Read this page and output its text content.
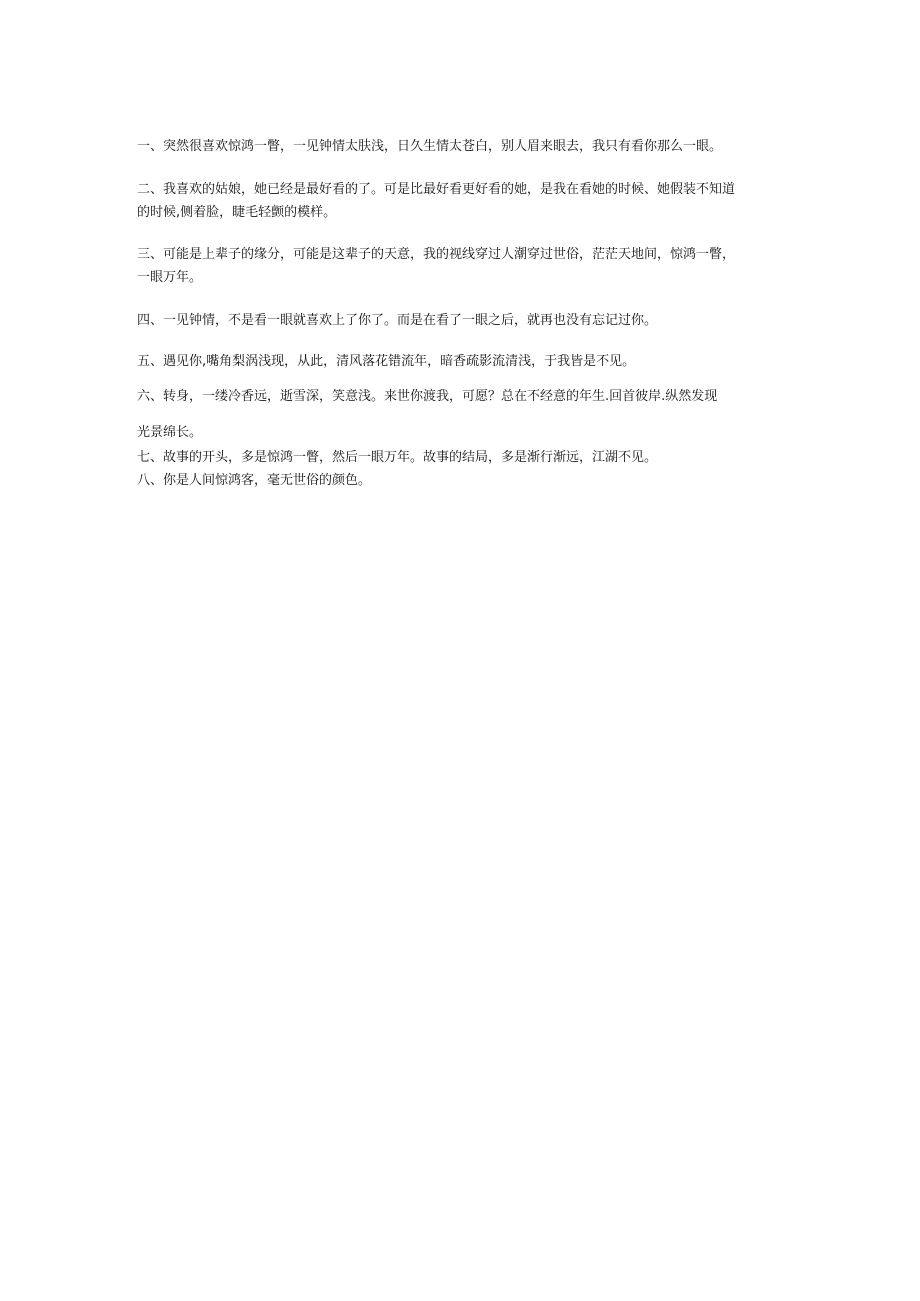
一、突然很喜欢惊鸿一瞥，一见钟情太肤浅，日久生情太苍白，别人眉来眼去，我只有看你那么一眼。

二、我喜欢的姑娘，她已经是最好看的了。可是比最好看更好看的她，是我在看她的时候、她假装不知道
的时候,侧着脸，睫毛轻颤的模样。

三、可能是上辈子的缘分，可能是这辈子的天意，我的视线穿过人潮穿过世俗，茫茫天地间，惊鸿一瞥，
一眼万年。

四、一见钟情，不是看一眼就喜欢上了你了。而是在看了一眼之后，就再也没有忘记过你。

五、遇见你,嘴角梨涡浅现，从此，清风落花错流年，暗香疏影流清浅，于我皆是不见。

六、转身，一缕冷香远，逝雪深，笑意浅。来世你渡我，可愿？总在不经意的年生.回首彼岸.纵然发现

光景绵长。

七、故事的开头，多是惊鸿一瞥，然后一眼万年。故事的结局，多是渐行渐远，江湖不见。

八、你是人间惊鸿客，毫无世俗的颜色。
